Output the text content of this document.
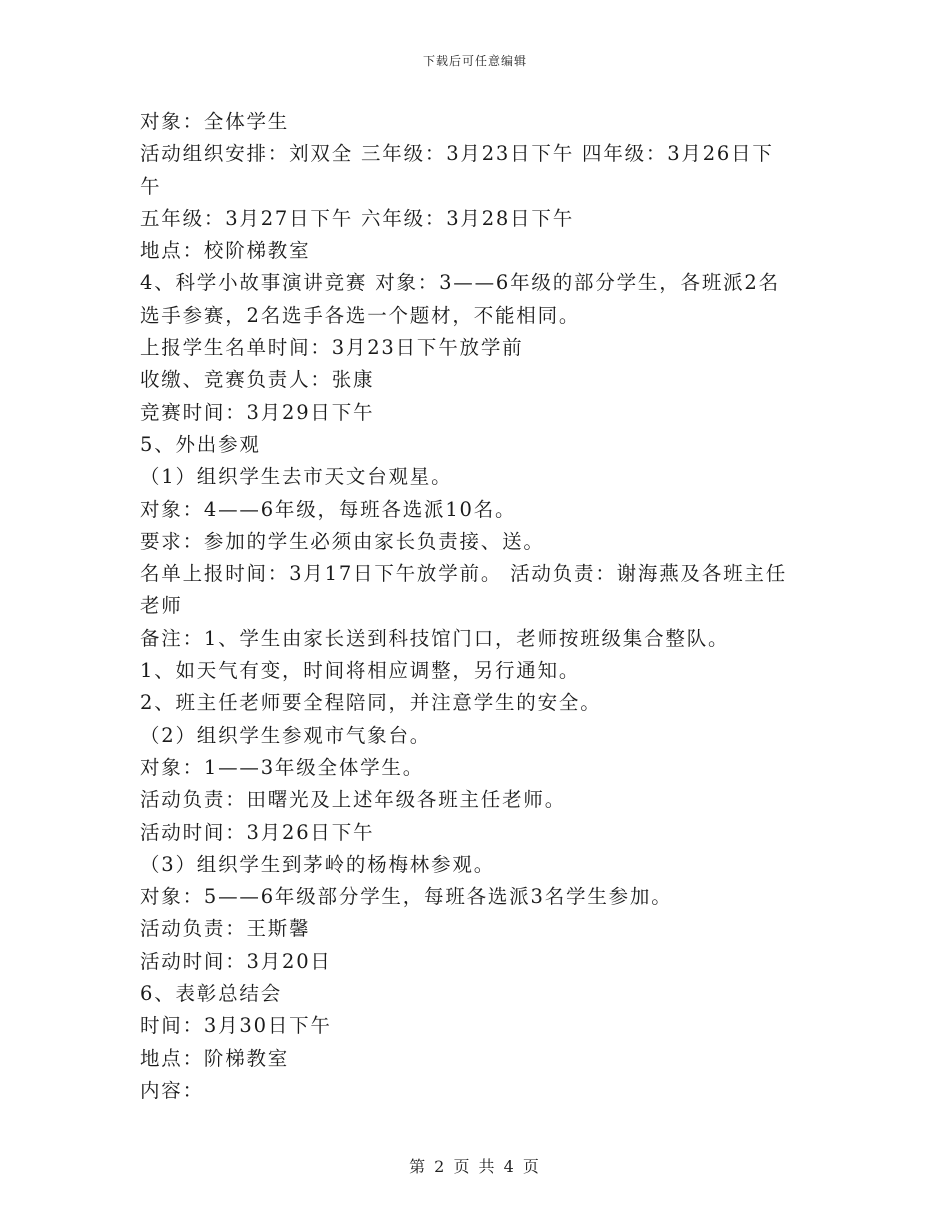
下载后可任意编辑

对象：全体学生

活动组织安排：刘双全 三年级：3月23日下午 四年级：3月26日下

午

五年级：3月27日下午 六年级：3月28日下午

地点：校阶梯教室

4、科学小故事演讲竞赛 对象：3——6年级的部分学生，各班派2名

选手参赛，2名选手各选一个题材，不能相同。

上报学生名单时间：3月23日下午放学前

收缴、竞赛负责人：张康

竞赛时间：3月29日下午

5、外出参观

（1）组织学生去市天文台观星。

对象：4——6年级，每班各选派10名。

要求：参加的学生必须由家长负责接、送。

名单上报时间：3月17日下午放学前。 活动负责：谢海燕及各班主任

老师

备注：1、学生由家长送到科技馆门口，老师按班级集合整队。

1、如天气有变，时间将相应调整，另行通知。

2、班主任老师要全程陪同，并注意学生的安全。

（2）组织学生参观市气象台。

对象：1——3年级全体学生。

活动负责：田曙光及上述年级各班主任老师。

活动时间：3月26日下午

（3）组织学生到茅岭的杨梅林参观。

对象：5——6年级部分学生，每班各选派3名学生参加。

活动负责：王斯馨

活动时间：3月20日

6、表彰总结会

时间：3月30日下午

地点：阶梯教室

内容：

第 2 页 共 4 页
